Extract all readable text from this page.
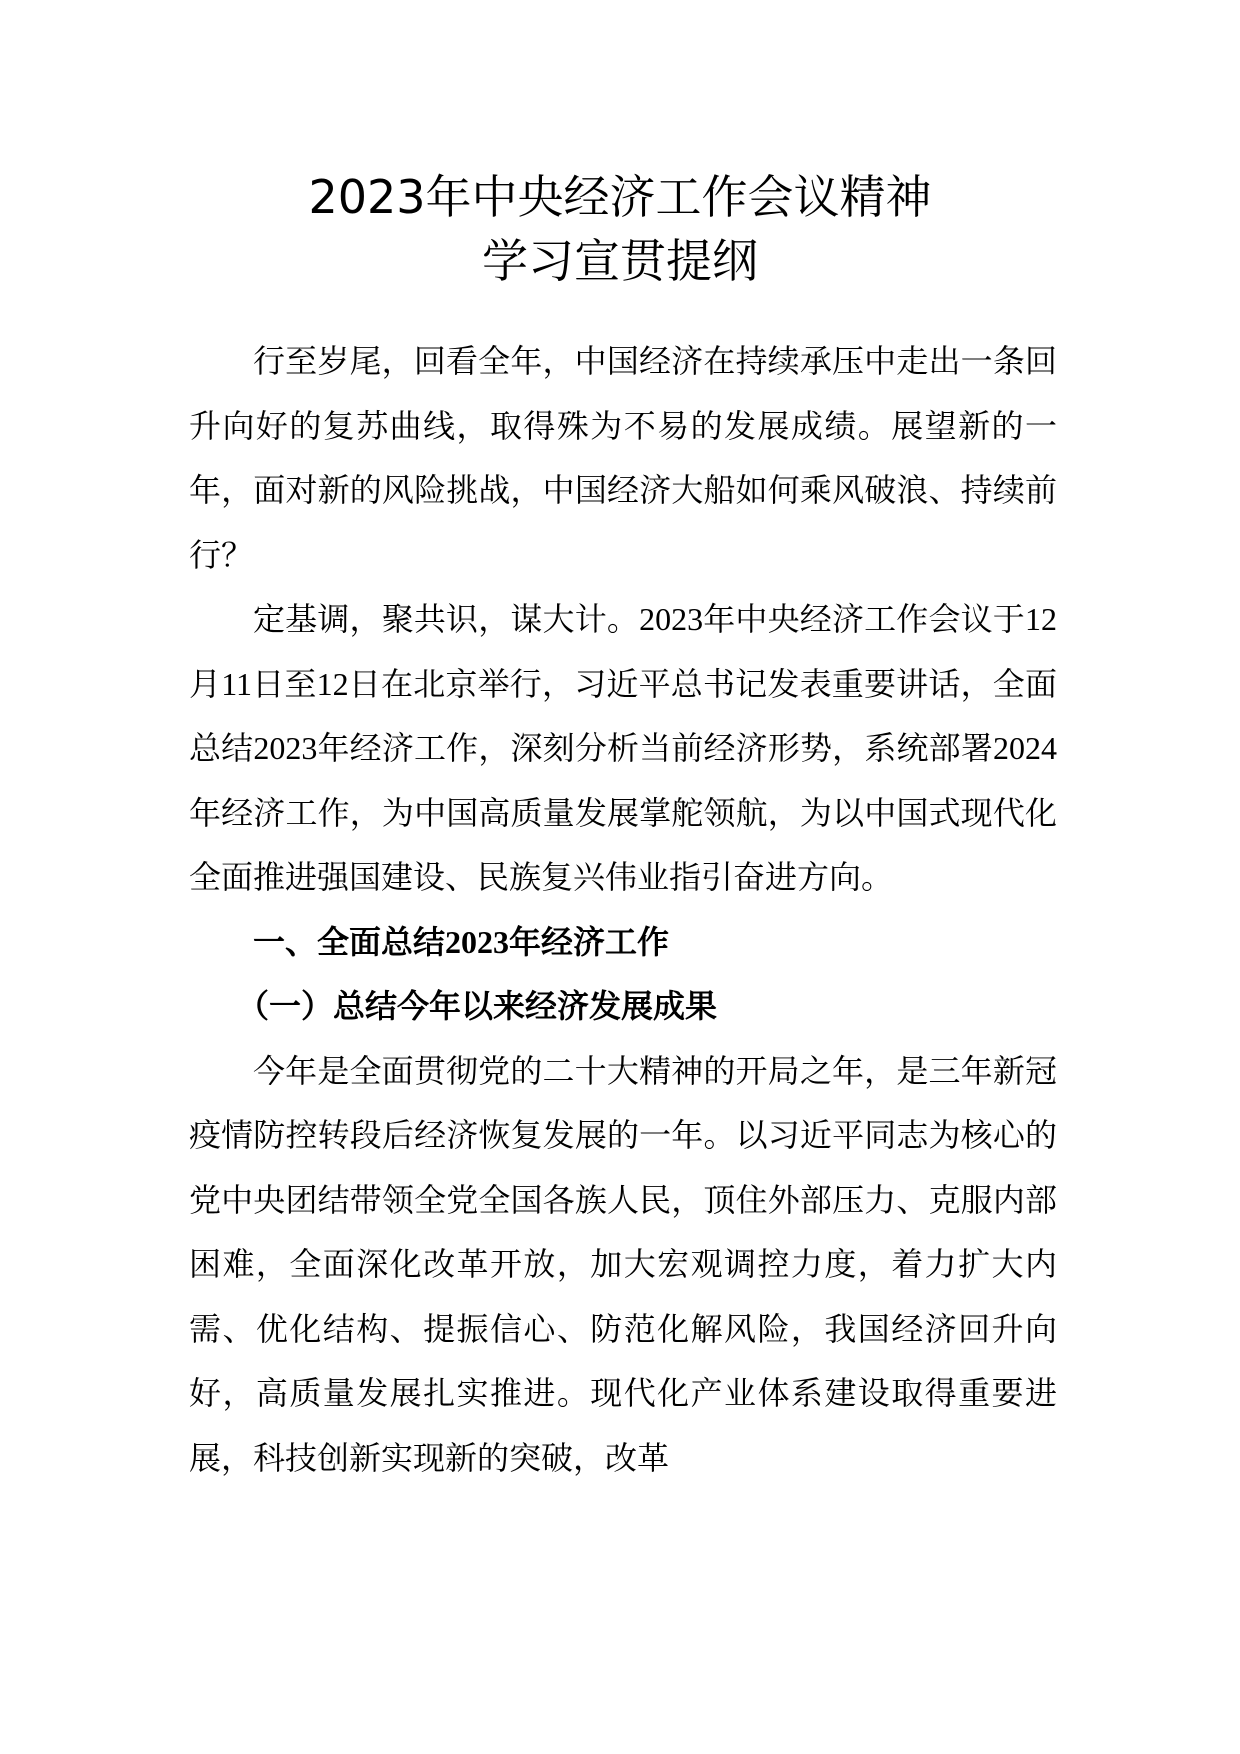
2023年中央经济工作会议精神
学习宣贯提纲

行至岁尾，回看全年，中国经济在持续承压中走出一条回升向好的复苏曲线，取得殊为不易的发展成绩。展望新的一年，面对新的风险挑战，中国经济大船如何乘风破浪、持续前行？

定基调，聚共识，谋大计。2023年中央经济工作会议于12月11日至12日在北京举行，习近平总书记发表重要讲话，全面总结2023年经济工作，深刻分析当前经济形势，系统部署2024年经济工作，为中国高质量发展掌舵领航，为以中国式现代化全面推进强国建设、民族复兴伟业指引奋进方向。

一、全面总结2023年经济工作

（一）总结今年以来经济发展成果

今年是全面贯彻党的二十大精神的开局之年，是三年新冠疫情防控转段后经济恢复发展的一年。以习近平同志为核心的党中央团结带领全党全国各族人民，顶住外部压力、克服内部困难，全面深化改革开放，加大宏观调控力度，着力扩大内需、优化结构、提振信心、防范化解风险，我国经济回升向好，高质量发展扎实推进。现代化产业体系建设取得重要进展，科技创新实现新的突破，改革
